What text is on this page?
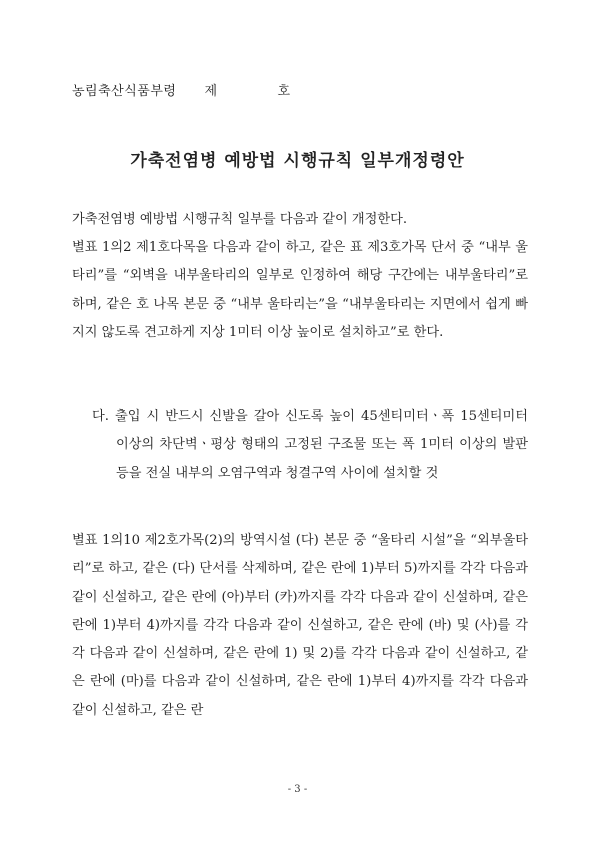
농림축산식품부령 제	호
가축전염병 예방법 시행규칙 일부개정령안
가축전염병 예방법 시행규칙 일부를 다음과 같이 개정한다.
별표 1의2 제1호다목을 다음과 같이 하고, 같은 표 제3호가목 단서 중 “내부 울타리”를 “외벽을 내부울타리의 일부로 인정하여 해당 구간에는 내부울타리”로 하며, 같은 호 나목 본문 중 “내부 울타리는”을 “내부울타리는 지면에서 쉽게 빠지지 않도록 견고하게 지상 1미터 이상 높이로 설치하고”로 한다.
다. 출입 시 반드시 신발을 갈아 신도록 높이 45센티미터ㆍ폭 15센티미터 이상의 차단벽ㆍ평상 형태의 고정된 구조물 또는 폭 1미터 이상의 발판 등을 전실 내부의 오염구역과 청결구역 사이에 설치할 것
별표 1의10 제2호가목(2)의 방역시설 (다) 본문 중 “울타리 시설”을 “외부울타리”로 하고, 같은 (다) 단서를 삭제하며, 같은 란에 1)부터 5)까지를 각각 다음과 같이 신설하고, 같은 란에 (아)부터 (카)까지를 각각 다음과 같이 신설하며, 같은 란에 1)부터 4)까지를 각각 다음과 같이 신설하고, 같은 란에 (바) 및 (사)를 각각 다음과 같이 신설하며, 같은 란에 1) 및 2)를 각각 다음과 같이 신설하고, 같은 란에 (마)를 다음과 같이 신설하며, 같은 란에 1)부터 4)까지를 각각 다음과 같이 신설하고, 같은 란
- 3 -
